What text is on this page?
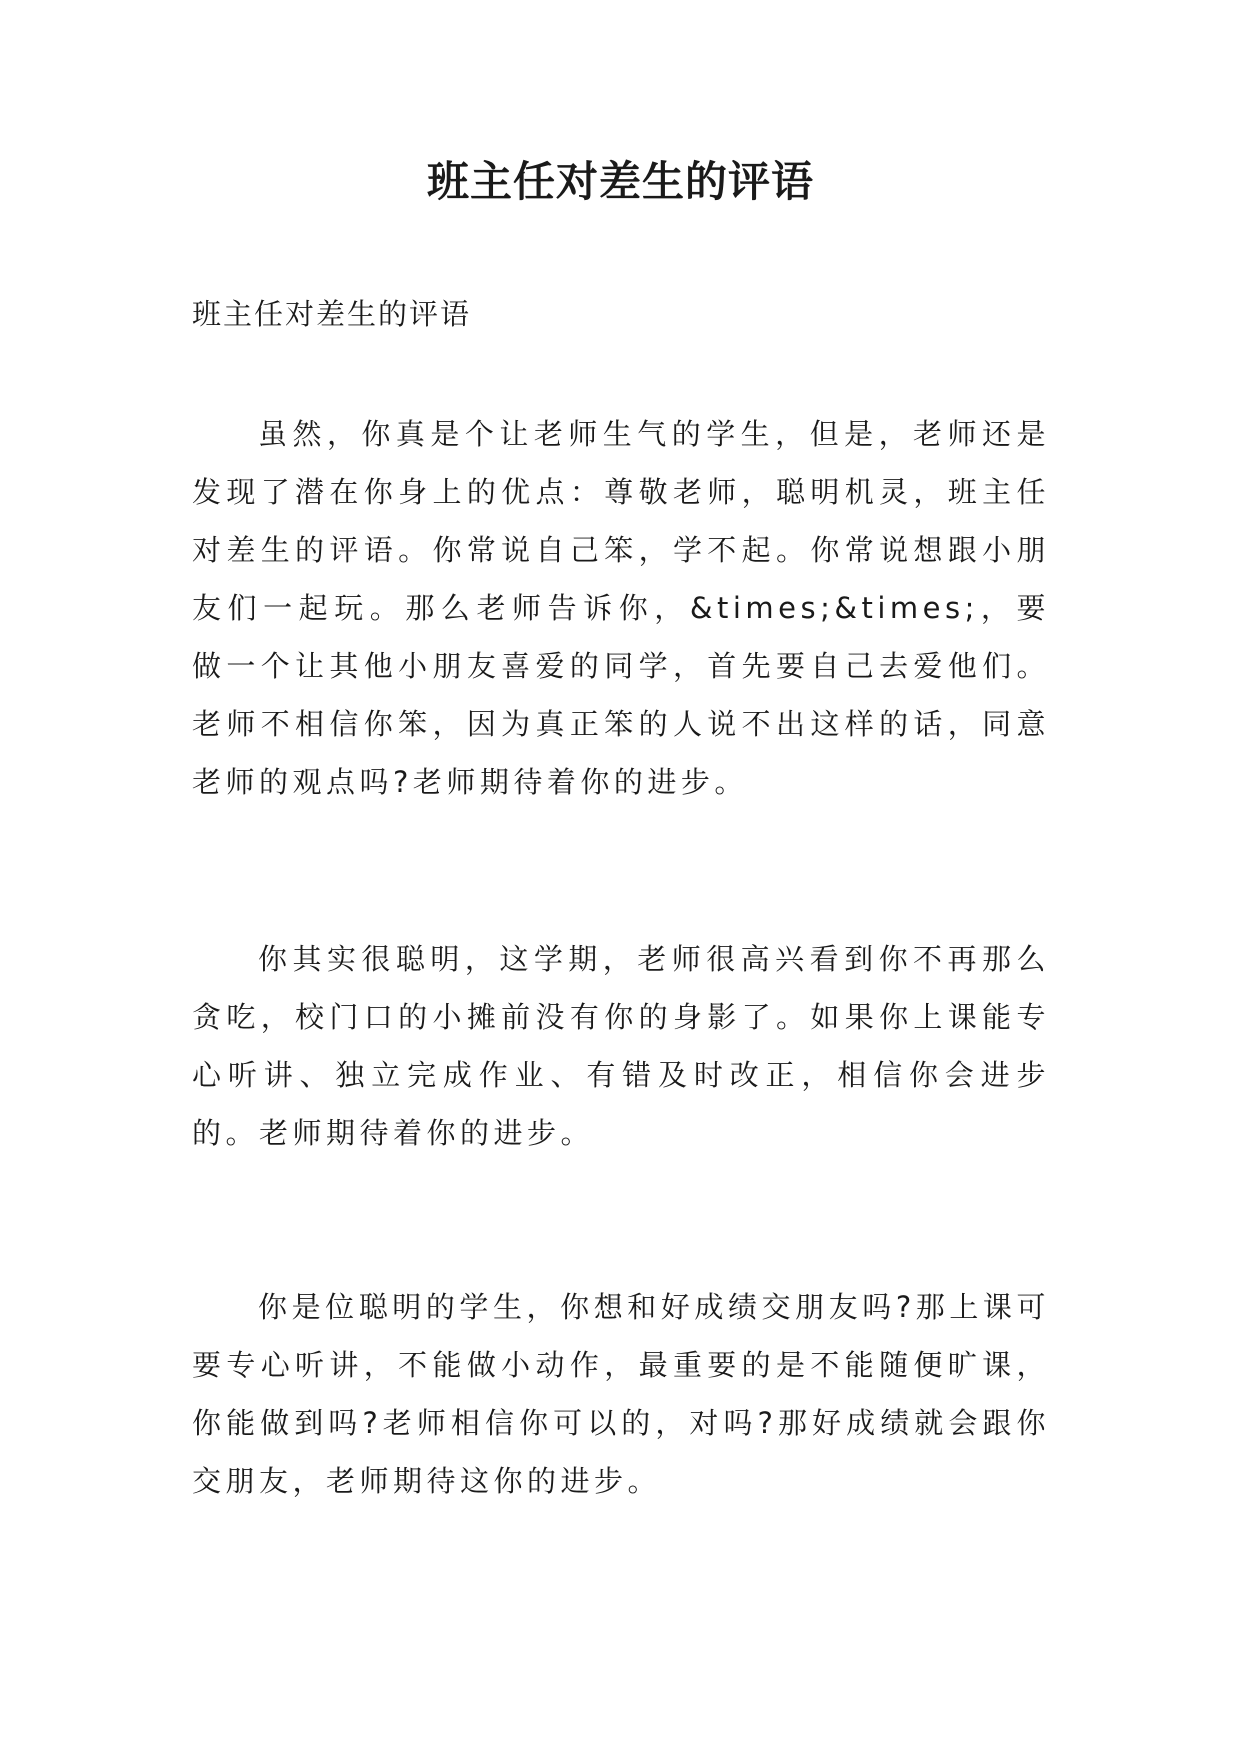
班主任对差生的评语

班主任对差生的评语

虽然，你真是个让老师生气的学生，但是，老师还是发现了潜在你身上的优点：尊敬老师，聪明机灵，班主任对差生的评语。你常说自己笨，学不起。你常说想跟小朋友们一起玩。那么老师告诉你，&times;&times;，要做一个让其他小朋友喜爱的同学，首先要自己去爱他们。老师不相信你笨，因为真正笨的人说不出这样的话，同意老师的观点吗?老师期待着你的进步。

你其实很聪明，这学期，老师很高兴看到你不再那么贪吃，校门口的小摊前没有你的身影了。如果你上课能专心听讲、独立完成作业、有错及时改正，相信你会进步的。老师期待着你的进步。

你是位聪明的学生，你想和好成绩交朋友吗?那上课可要专心听讲，不能做小动作，最重要的是不能随便旷课，你能做到吗?老师相信你可以的，对吗?那好成绩就会跟你交朋友，老师期待这你的进步。
